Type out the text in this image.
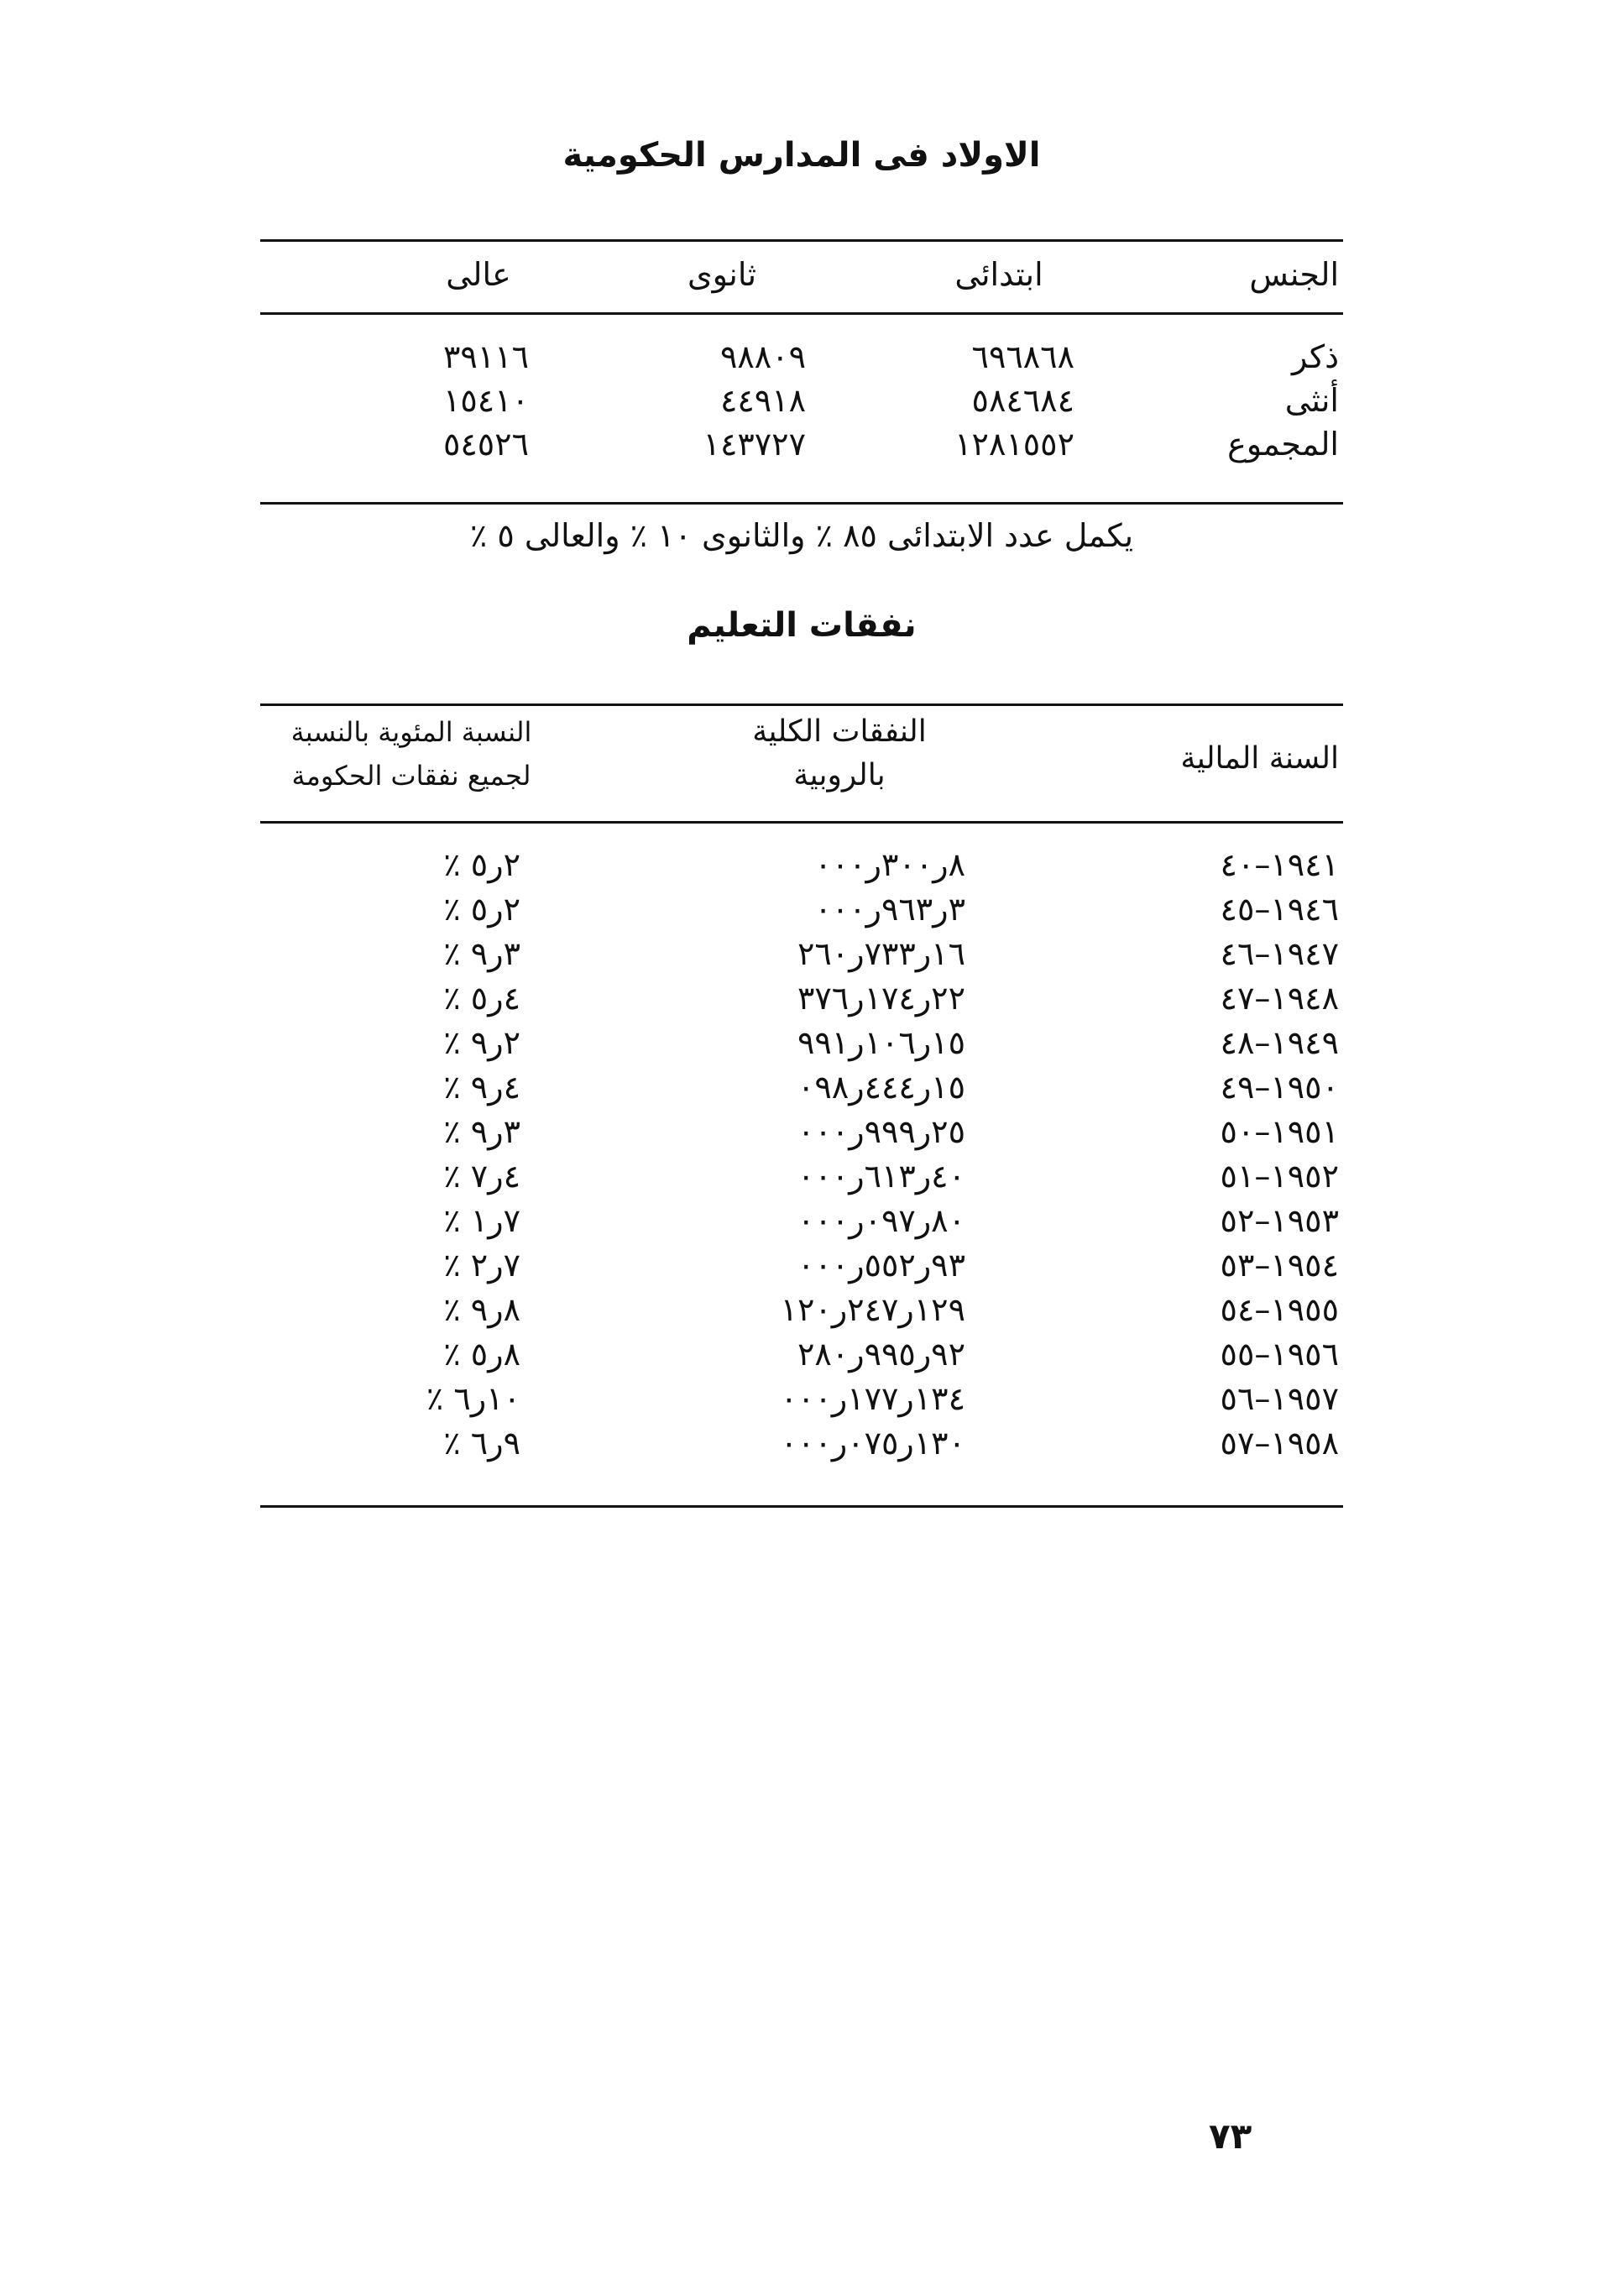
الاولاد فى المدارس الحكومية
الجنس
ابتدائى
ثانوى
عالى
ذكر
٦٩٦٨٦٨
٩٨٨٠٩
٣٩١١٦
أنثى
٥٨٤٦٨٤
٤٤٩١٨
١٥٤١٠
المجموع
١٢٨١٥٥٢
١٤٣٧٢٧
٥٤٥٢٦
يكمل عدد الابتدائى ٨٥ ٪ والثانوى ١٠ ٪ والعالى ٥ ٪
نفقات التعليم
السنة المالية
النفقات الكلية
بالروبية
النسبة المئوية بالنسبة
لجميع نفقات الحكومة
١٩٤١–٤٠
٨ر٣٠٠ر٠٠٠
٢ر٥ ٪
١٩٤٦–٤٥
٣ر٩٦٣ر٠٠٠
٢ر٥ ٪
١٩٤٧–٤٦
١٦ر٧٣٣ر٢٦٠
٣ر٩ ٪
١٩٤٨–٤٧
٢٢ر١٧٤ر٣٧٦
٤ر٥ ٪
١٩٤٩–٤٨
١٥ر١٠٦ر٩٩١
٢ر٩ ٪
١٩٥٠–٤٩
١٥ر٤٤٤ر٠٩٨
٤ر٩ ٪
١٩٥١–٥٠
٢٥ر٩٩٩ر٠٠٠
٣ر٩ ٪
١٩٥٢–٥١
٤٠ر٦١٣ر٠٠٠
٤ر٧ ٪
١٩٥٣–٥٢
٨٠ر٠٩٧ر٠٠٠
٧ر١ ٪
١٩٥٤–٥٣
٩٣ر٥٥٢ر٠٠٠
٧ر٢ ٪
١٩٥٥–٥٤
١٢٩ر٢٤٧ر١٢٠
٨ر٩ ٪
١٩٥٦–٥٥
٩٢ر٩٩٥ر٢٨٠
٨ر٥ ٪
١٩٥٧–٥٦
١٣٤ر١٧٧ر٠٠٠
١٠ر٦ ٪
١٩٥٨–٥٧
١٣٠ر٠٧٥ر٠٠٠
٩ر٦ ٪
٧٣
